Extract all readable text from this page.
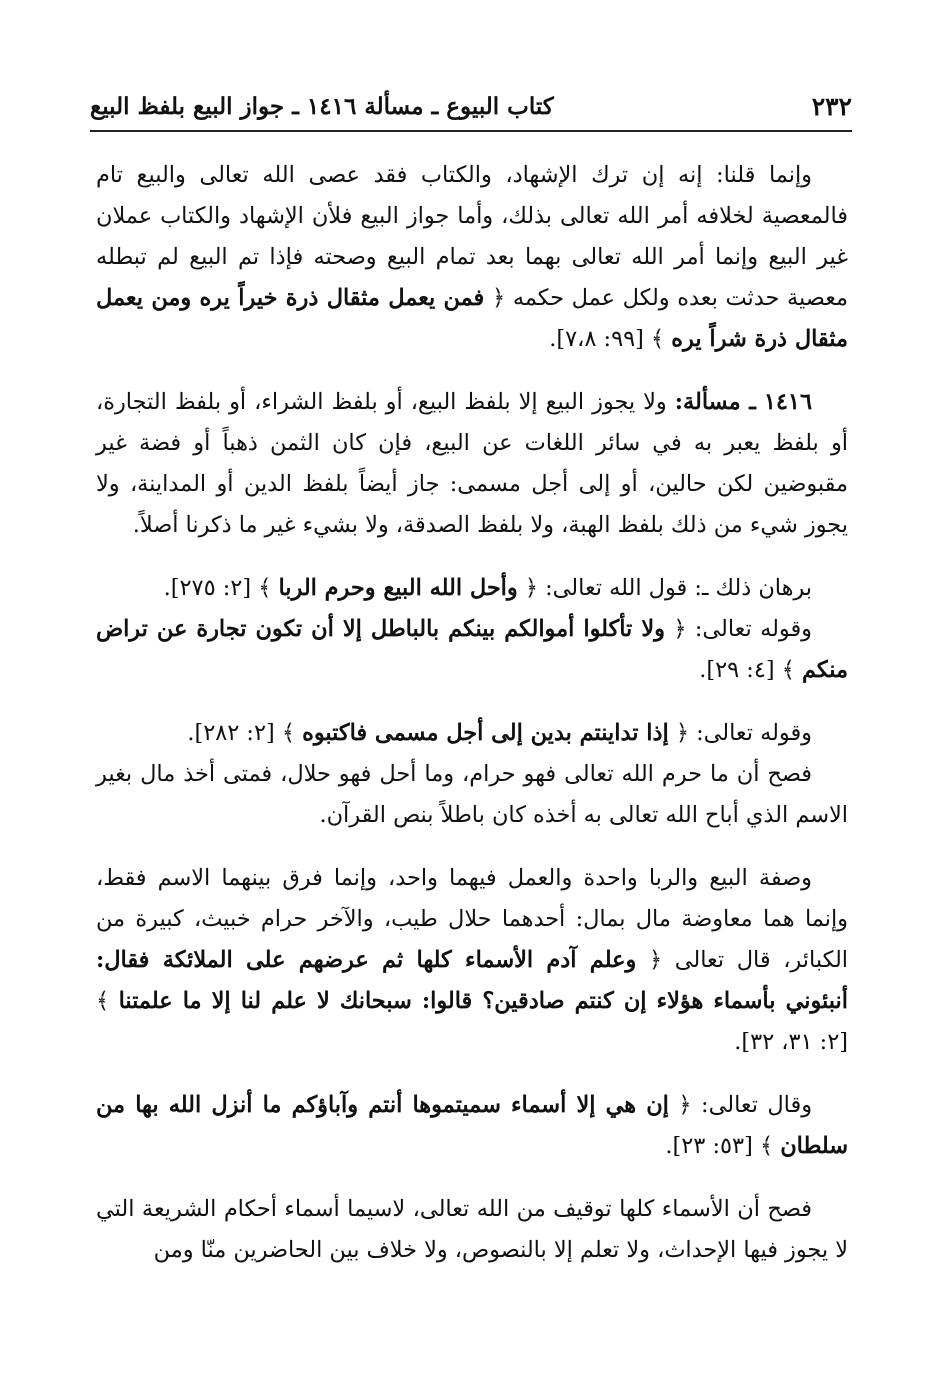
٢٣٢
كتاب البيوع ـ مسألة ١٤١٦ ـ جواز البيع بلفظ البيع

وإنما قلنا: إنه إن ترك الإشهاد، والكتاب فقد عصى الله تعالى والبيع تام فالمعصية لخلافه أمر الله تعالى بذلك، وأما جواز البيع فلأن الإشهاد والكتاب عملان غير البيع وإنما أمر الله تعالى بهما بعد تمام البيع وصحته فإذا تم البيع لم تبطله معصية حدثت بعده ولكل عمل حكمه ﴿ فمن يعمل مثقال ذرة خيراً يره ومن يعمل مثقال ذرة شراً يره ﴾ [٩٩: ٧،٨].

١٤١٦ ـ مسألة: ولا يجوز البيع إلا بلفظ البيع، أو بلفظ الشراء، أو بلفظ التجارة، أو بلفظ يعبر به في سائر اللغات عن البيع، فإن كان الثمن ذهباً أو فضة غير مقبوضين لكن حالين، أو إلى أجل مسمى: جاز أيضاً بلفظ الدين أو المداينة، ولا يجوز شيء من ذلك بلفظ الهبة، ولا بلفظ الصدقة، ولا بشيء غير ما ذكرنا أصلاً.

برهان ذلك ـ: قول الله تعالى: ﴿ وأحل الله البيع وحرم الربا ﴾ [٢: ٢٧٥].

وقوله تعالى: ﴿ ولا تأكلوا أموالكم بينكم بالباطل إلا أن تكون تجارة عن تراض منكم ﴾ [٤: ٢٩].

وقوله تعالى: ﴿ إذا تداينتم بدين إلى أجل مسمى فاكتبوه ﴾ [٢: ٢٨٢].

فصح أن ما حرم الله تعالى فهو حرام، وما أحل فهو حلال، فمتى أخذ مال بغير الاسم الذي أباح الله تعالى به أخذه كان باطلاً بنص القرآن.

وصفة البيع والربا واحدة والعمل فيهما واحد، وإنما فرق بينهما الاسم فقط، وإنما هما معاوضة مال بمال: أحدهما حلال طيب، والآخر حرام خبيث، كبيرة من الكبائر، قال تعالى ﴿ وعلم آدم الأسماء كلها ثم عرضهم على الملائكة فقال: أنبئوني بأسماء هؤلاء إن كنتم صادقين؟ قالوا: سبحانك لا علم لنا إلا ما علمتنا ﴾ [٢: ٣١، ٣٢].

وقال تعالى: ﴿ إن هي إلا أسماء سميتموها أنتم وآباؤكم ما أنزل الله بها من سلطان ﴾ [٥٣: ٢٣].

فصح أن الأسماء كلها توقيف من الله تعالى، لاسيما أسماء أحكام الشريعة التي لا يجوز فيها الإحداث، ولا تعلم إلا بالنصوص، ولا خلاف بين الحاضرين منّا ومن
